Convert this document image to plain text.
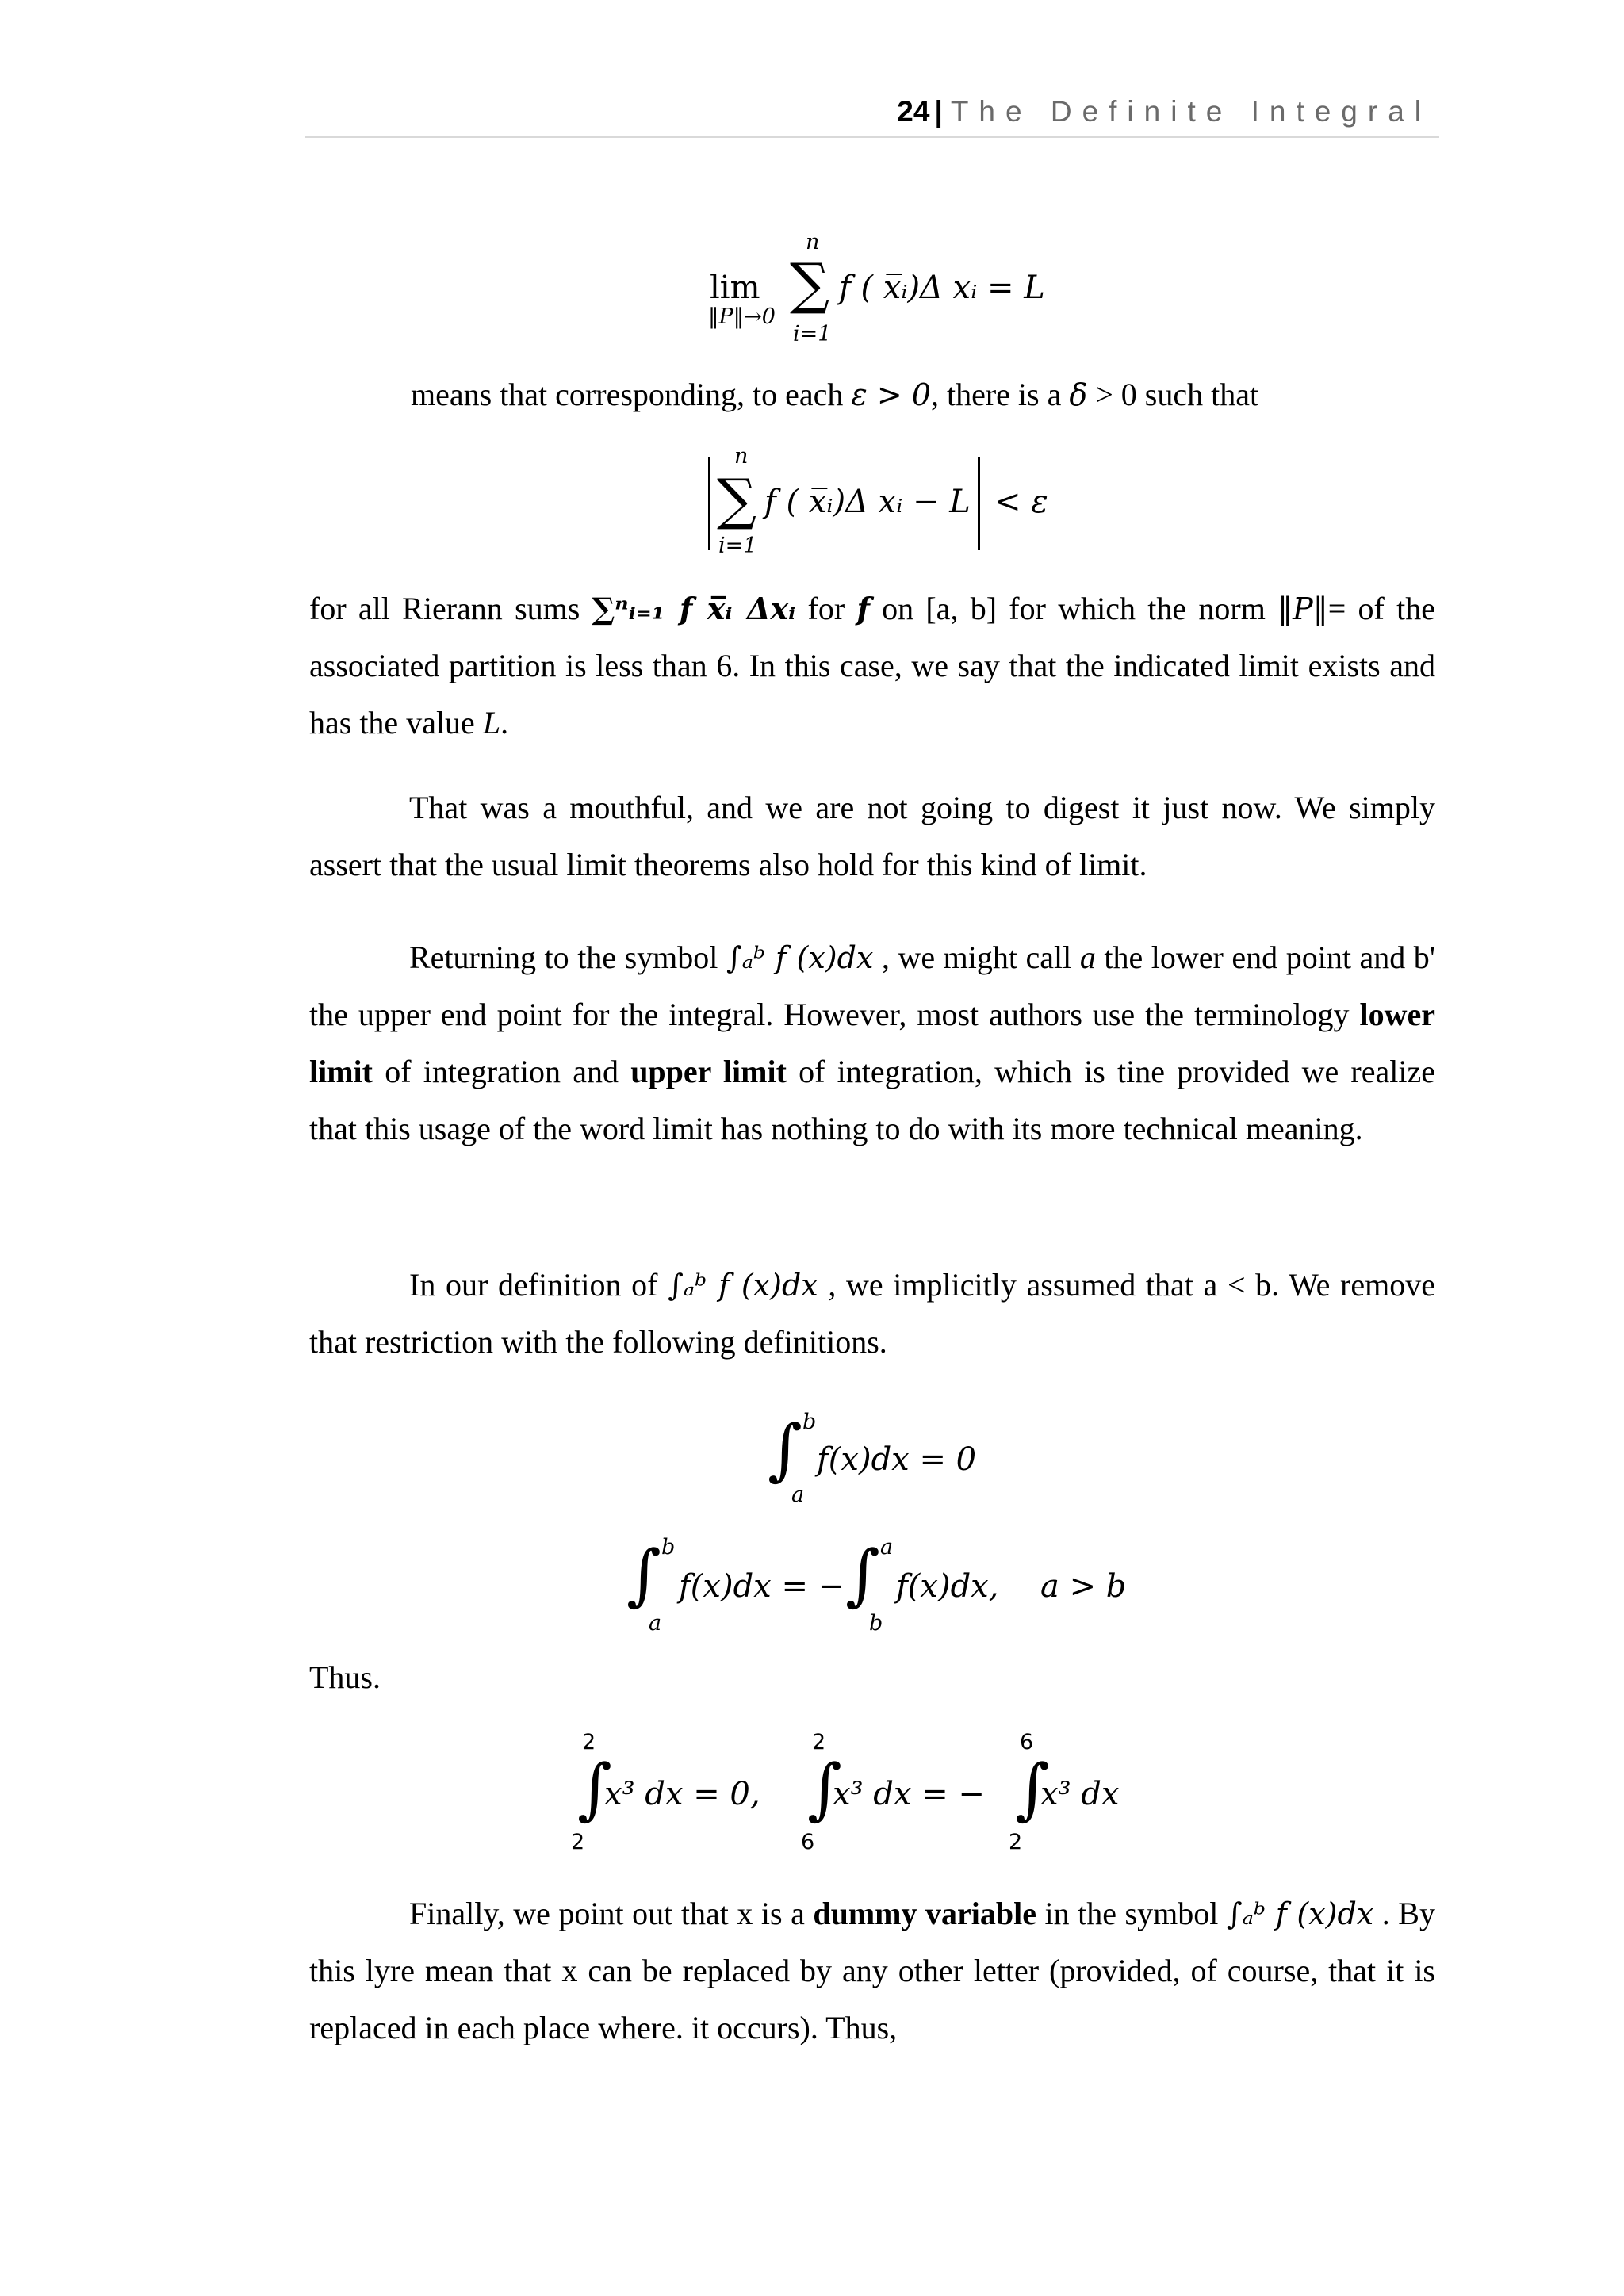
24 | The Definite Integral
lim
‖P‖→0
n
∑
i=1
f ( x̅ᵢ)Δ xᵢ = L

means that corresponding, to each ε > 0, there is a δ > 0 such that

n
∑
i=1
f ( x̅ᵢ)Δ xᵢ − L < ε

for all Rierann sums ∑ⁿᵢ₌₁ f x̅ᵢ Δxᵢ for f on [a, b] for which the norm ‖P‖= of the associated partition is less than 6. In this case, we say that the indicated limit exists and has the value L.

That was a mouthful, and we are not going to digest it just now. We simply assert that the usual limit theorems also hold for this kind of limit.

Returning to the symbol ∫ₐᵇ f (x)dx , we might call a the lower end point and b' the upper end point for the integral. However, most authors use the terminology lower limit of integration and upper limit of integration, which is tine provided we realize that this usage of the word limit has nothing to do with its more technical meaning.

In our definition of ∫ₐᵇ f (x)dx , we implicitly assumed that a < b. We remove that restriction with the following definitions.

∫ b
a
f(x)dx = 0
∫ b
a
f(x)dx = − ∫ a
b
f(x)dx, a > b

Thus.

2
∫
2
x³ dx = 0,
2
∫
6
x³ dx = −
6
∫
2
x³ dx

Finally, we point out that x is a dummy variable in the symbol ∫ₐᵇ f (x)dx . By this lyre mean that x can be replaced by any other letter (provided, of course, that it is replaced in each place where. it occurs). Thus,
